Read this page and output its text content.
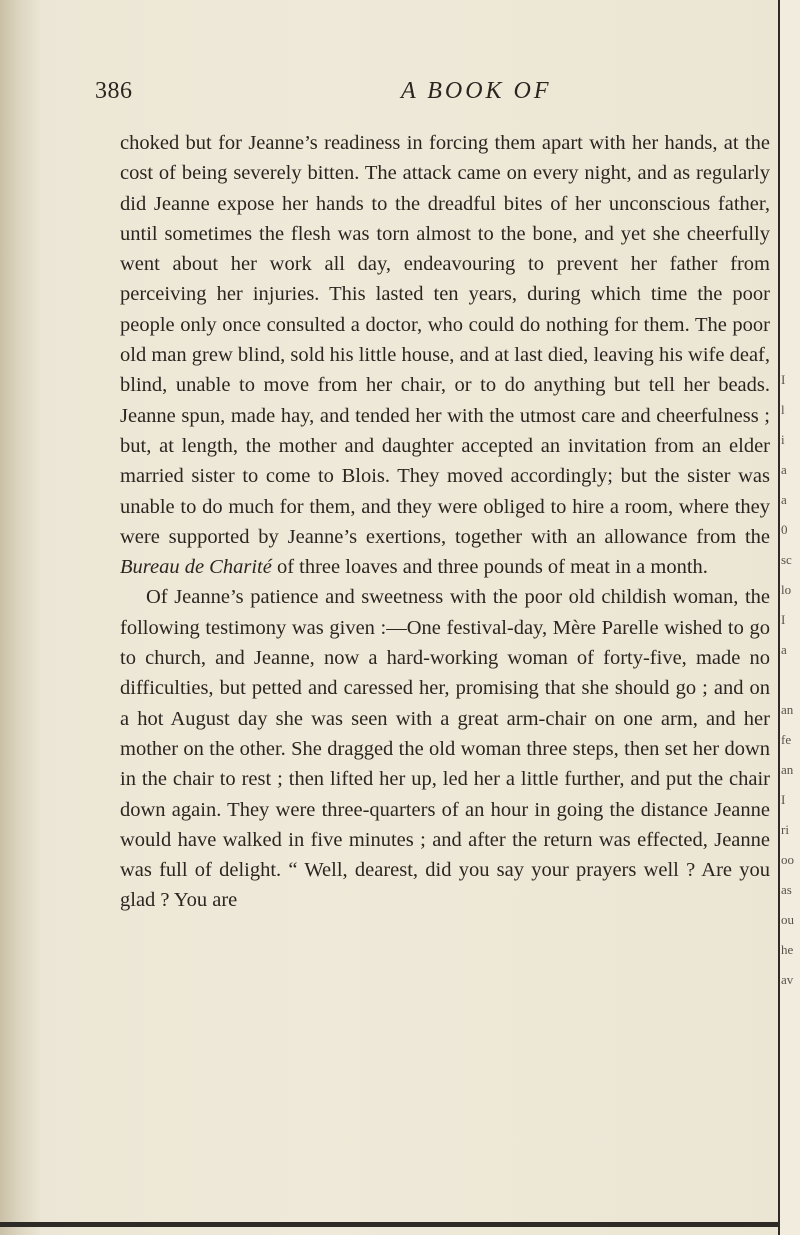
386	A BOOK OF

choked but for Jeanne’s readiness in forcing them apart with her hands, at the cost of being severely bitten. The attack came on every night, and as regularly did Jeanne expose her hands to the dreadful bites of her unconscious father, until sometimes the flesh was torn almost to the bone, and yet she cheerfully went about her work all day, endeavouring to prevent her father from perceiving her injuries. This lasted ten years, during which time the poor people only once consulted a doctor, who could do nothing for them. The poor old man grew blind, sold his little house, and at last died, leaving his wife deaf, blind, unable to move from her chair, or to do anything but tell her beads. Jeanne spun, made hay, and tended her with the utmost care and cheerfulness ; but, at length, the mother and daughter accepted an invitation from an elder married sister to come to Blois. They moved accordingly; but the sister was unable to do much for them, and they were obliged to hire a room, where they were supported by Jeanne’s exertions, together with an allowance from the Bureau de Charité of three loaves and three pounds of meat in a month.

Of Jeanne’s patience and sweetness with the poor old childish woman, the following testimony was given :—One festival-day, Mère Parelle wished to go to church, and Jeanne, now a hard-working woman of forty-five, made no difficulties, but petted and caressed her, promising that she should go ; and on a hot August day she was seen with a great arm-chair on one arm, and her mother on the other. She dragged the old woman three steps, then set her down in the chair to rest ; then lifted her up, led her a little further, and put the chair down again. They were three-quarters of an hour in going the distance Jeanne would have walked in five minutes ; and after the return was effected, Jeanne was full of delight. “ Well, dearest, did you say your prayers well ? Are you glad ? You are

I
l
i
a
a
0
sc
lo
I
a

an
fe
an
I
ri
oo
as
ou
he
av
